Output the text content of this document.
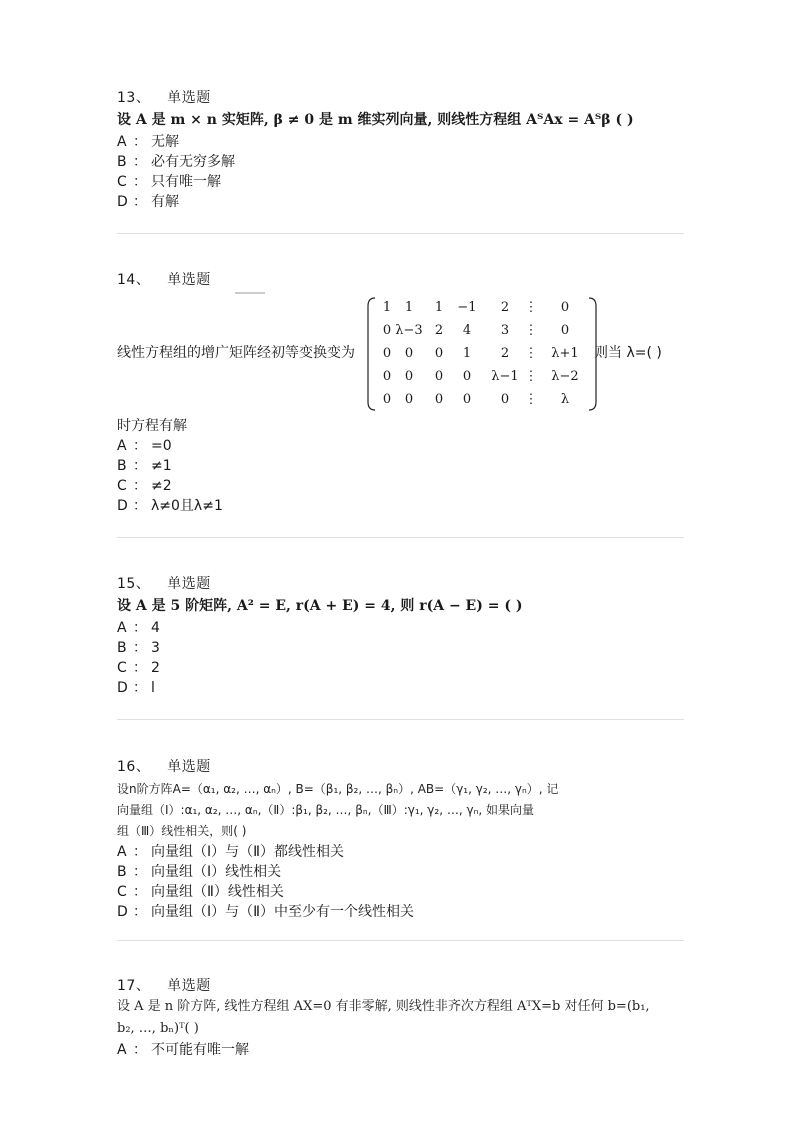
13、 单选题
设 A 是 m × n 实矩阵, β ≠ 0 是 m 维实列向量, 则线性方程组 AᵀAx = Aᵀβ ( )
A ： 无解
B ： 必有无穷多解
C ： 只有唯一解
D ： 有解
14、 单选题
线性方程组的增广矩阵经初等变换变为
1	1	1	−1	2	⋮	0
0 λ−3 2	4	3	⋮	0
0	0	0	1	2	⋮	λ+1
0	0	0	0	λ−1 ⋮	λ−2
0	0	0	0	0	⋮	λ
则当 λ=( )
时方程有解
A ： =0
B ： ≠1
C ： ≠2
D ： λ≠0且λ≠1
15、 单选题
设 A 是 5 阶矩阵, A² = E, r(A + E) = 4, 则 r(A − E) = ( )
A ： 4
B ： 3
C ： 2
D ： l
16、 单选题
设n阶方阵A=（α₁, α₂, …, αₙ）, B=（β₁, β₂, …, βₙ）, AB=（γ₁, γ₂, …, γₙ）, 记
向量组（Ⅰ）:α₁, α₂, …, αₙ,（Ⅱ）:β₁, β₂, …, βₙ,（Ⅲ）:γ₁, γ₂, …, γₙ, 如果向量
组（Ⅲ）线性相关，则( )
A ： 向量组（Ⅰ）与（Ⅱ）都线性相关
B ： 向量组（Ⅰ）线性相关
C ： 向量组（Ⅱ）线性相关
D ： 向量组（Ⅰ）与（Ⅱ）中至少有一个线性相关
17、 单选题
设 A 是 n 阶方阵, 线性方程组 AX=0 有非零解, 则线性非齐次方程组 AᵀX=b 对任何 b=(b₁,
b₂, …, bₙ)ᵀ( )
A ： 不可能有唯一解
